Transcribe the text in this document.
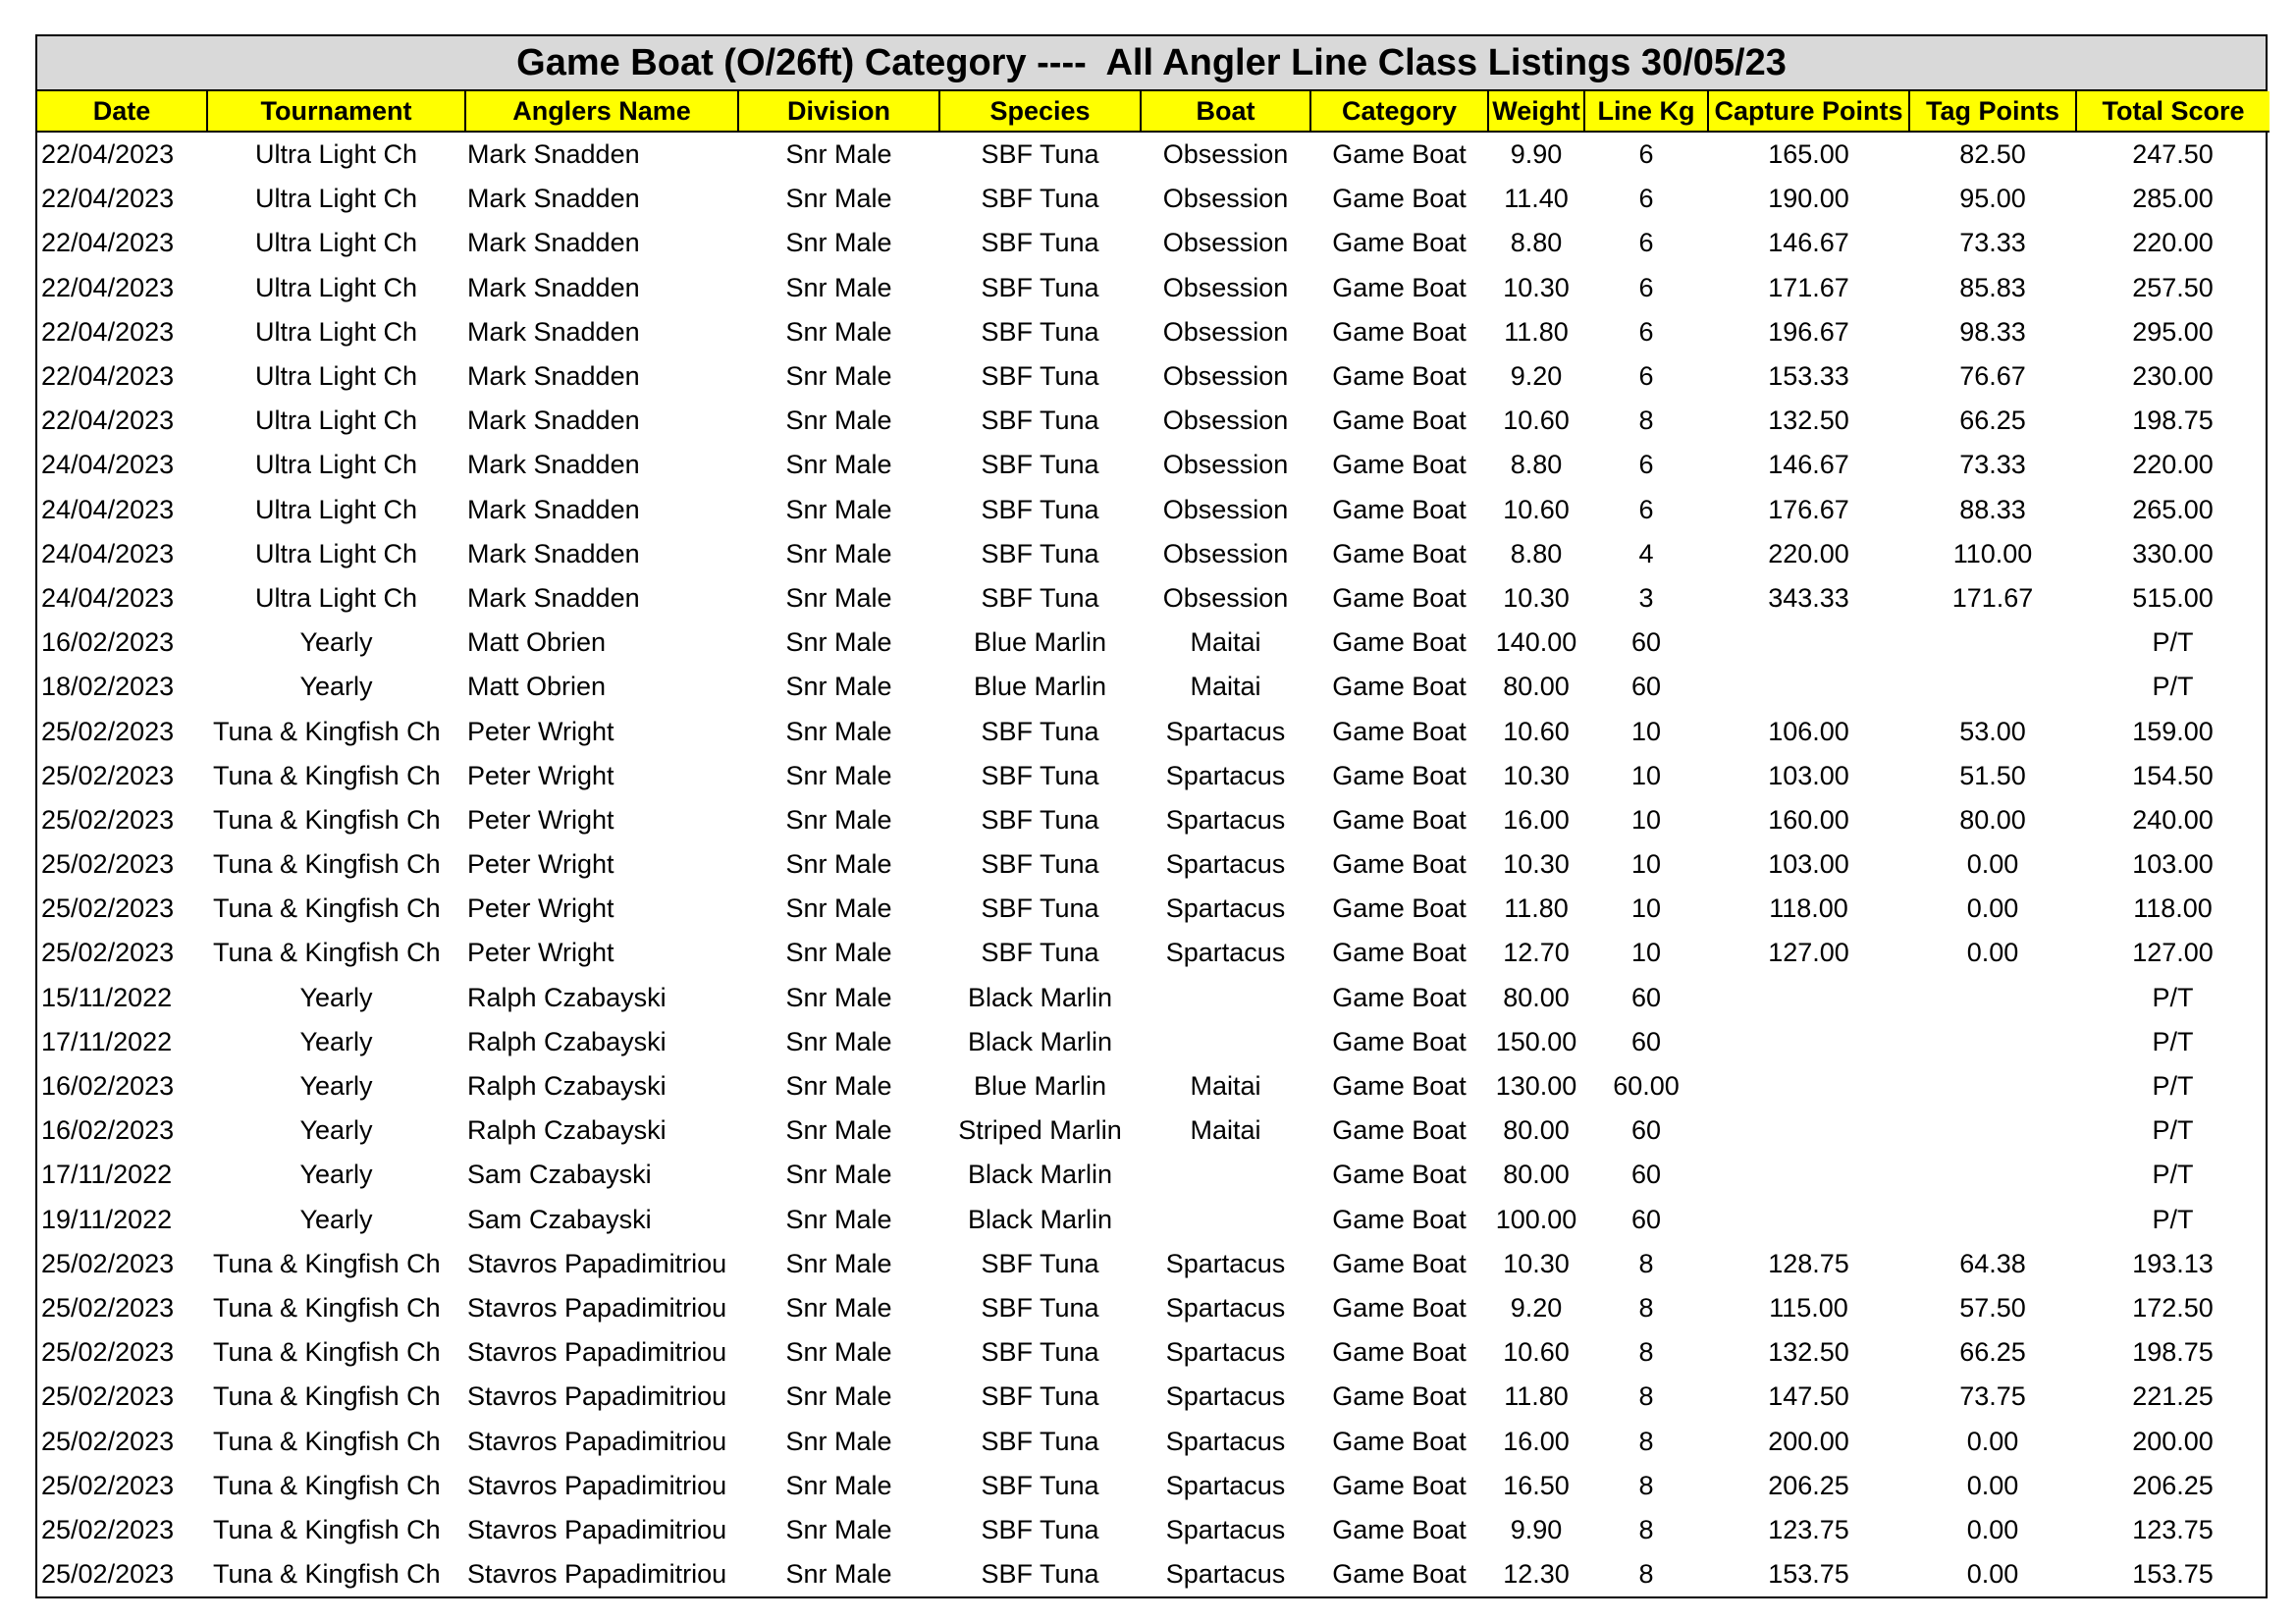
Game Boat (O/26ft) Category ----  All Angler Line Class Listings 30/05/23
Date	Tournament	Anglers Name	Division	Species	Boat	Category	Weight	Line Kg	Capture Points	Tag Points	Total Score
22/04/2023	Ultra Light Ch	Mark Snadden	Snr Male	SBF Tuna	Obsession	Game Boat	9.90	6	165.00	82.50	247.50
22/04/2023	Ultra Light Ch	Mark Snadden	Snr Male	SBF Tuna	Obsession	Game Boat	11.40	6	190.00	95.00	285.00
22/04/2023	Ultra Light Ch	Mark Snadden	Snr Male	SBF Tuna	Obsession	Game Boat	8.80	6	146.67	73.33	220.00
22/04/2023	Ultra Light Ch	Mark Snadden	Snr Male	SBF Tuna	Obsession	Game Boat	10.30	6	171.67	85.83	257.50
22/04/2023	Ultra Light Ch	Mark Snadden	Snr Male	SBF Tuna	Obsession	Game Boat	11.80	6	196.67	98.33	295.00
22/04/2023	Ultra Light Ch	Mark Snadden	Snr Male	SBF Tuna	Obsession	Game Boat	9.20	6	153.33	76.67	230.00
22/04/2023	Ultra Light Ch	Mark Snadden	Snr Male	SBF Tuna	Obsession	Game Boat	10.60	8	132.50	66.25	198.75
24/04/2023	Ultra Light Ch	Mark Snadden	Snr Male	SBF Tuna	Obsession	Game Boat	8.80	6	146.67	73.33	220.00
24/04/2023	Ultra Light Ch	Mark Snadden	Snr Male	SBF Tuna	Obsession	Game Boat	10.60	6	176.67	88.33	265.00
24/04/2023	Ultra Light Ch	Mark Snadden	Snr Male	SBF Tuna	Obsession	Game Boat	8.80	4	220.00	110.00	330.00
24/04/2023	Ultra Light Ch	Mark Snadden	Snr Male	SBF Tuna	Obsession	Game Boat	10.30	3	343.33	171.67	515.00
16/02/2023	Yearly	Matt Obrien	Snr Male	Blue Marlin	Maitai	Game Boat	140.00	60			P/T
18/02/2023	Yearly	Matt Obrien	Snr Male	Blue Marlin	Maitai	Game Boat	80.00	60			P/T
25/02/2023	Tuna & Kingfish Ch	Peter Wright	Snr Male	SBF Tuna	Spartacus	Game Boat	10.60	10	106.00	53.00	159.00
25/02/2023	Tuna & Kingfish Ch	Peter Wright	Snr Male	SBF Tuna	Spartacus	Game Boat	10.30	10	103.00	51.50	154.50
25/02/2023	Tuna & Kingfish Ch	Peter Wright	Snr Male	SBF Tuna	Spartacus	Game Boat	16.00	10	160.00	80.00	240.00
25/02/2023	Tuna & Kingfish Ch	Peter Wright	Snr Male	SBF Tuna	Spartacus	Game Boat	10.30	10	103.00	0.00	103.00
25/02/2023	Tuna & Kingfish Ch	Peter Wright	Snr Male	SBF Tuna	Spartacus	Game Boat	11.80	10	118.00	0.00	118.00
25/02/2023	Tuna & Kingfish Ch	Peter Wright	Snr Male	SBF Tuna	Spartacus	Game Boat	12.70	10	127.00	0.00	127.00
15/11/2022	Yearly	Ralph Czabayski	Snr Male	Black Marlin		Game Boat	80.00	60			P/T
17/11/2022	Yearly	Ralph Czabayski	Snr Male	Black Marlin		Game Boat	150.00	60			P/T
16/02/2023	Yearly	Ralph Czabayski	Snr Male	Blue Marlin	Maitai	Game Boat	130.00	60.00			P/T
16/02/2023	Yearly	Ralph Czabayski	Snr Male	Striped Marlin	Maitai	Game Boat	80.00	60			P/T
17/11/2022	Yearly	Sam Czabayski	Snr Male	Black Marlin		Game Boat	80.00	60			P/T
19/11/2022	Yearly	Sam Czabayski	Snr Male	Black Marlin		Game Boat	100.00	60			P/T
25/02/2023	Tuna & Kingfish Ch	Stavros Papadimitriou	Snr Male	SBF Tuna	Spartacus	Game Boat	10.30	8	128.75	64.38	193.13
25/02/2023	Tuna & Kingfish Ch	Stavros Papadimitriou	Snr Male	SBF Tuna	Spartacus	Game Boat	9.20	8	115.00	57.50	172.50
25/02/2023	Tuna & Kingfish Ch	Stavros Papadimitriou	Snr Male	SBF Tuna	Spartacus	Game Boat	10.60	8	132.50	66.25	198.75
25/02/2023	Tuna & Kingfish Ch	Stavros Papadimitriou	Snr Male	SBF Tuna	Spartacus	Game Boat	11.80	8	147.50	73.75	221.25
25/02/2023	Tuna & Kingfish Ch	Stavros Papadimitriou	Snr Male	SBF Tuna	Spartacus	Game Boat	16.00	8	200.00	0.00	200.00
25/02/2023	Tuna & Kingfish Ch	Stavros Papadimitriou	Snr Male	SBF Tuna	Spartacus	Game Boat	16.50	8	206.25	0.00	206.25
25/02/2023	Tuna & Kingfish Ch	Stavros Papadimitriou	Snr Male	SBF Tuna	Spartacus	Game Boat	9.90	8	123.75	0.00	123.75
25/02/2023	Tuna & Kingfish Ch	Stavros Papadimitriou	Snr Male	SBF Tuna	Spartacus	Game Boat	12.30	8	153.75	0.00	153.75
